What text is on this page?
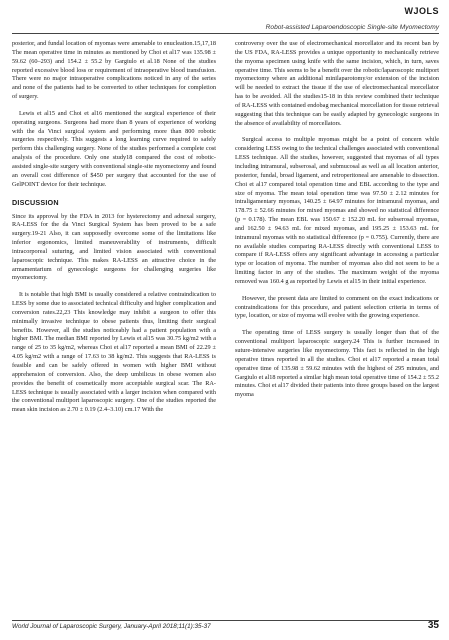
WJOLS
Robot-assisted Laparoendoscopic Single-site Myomectomy

posterior, and fundal location of myomas were amenable to enucleation.15,17,18 The mean operative time in minutes as mentioned by Choi et al17 was 135.98 ± 59.62 (60–293) and 154.2 ± 55.2 by Gargiulo et al.18 None of the studies reported excessive blood loss or requirement of intraoperative blood transfusion. There were no major intraoperative complications noticed in any of the series and none of the patients had to be converted to other techniques for completion of surgery.

Lewis et al15 and Choi et al16 mentioned the surgical experience of their operating surgeons. Surgeons had more than 8 years of experience of working with the da Vinci surgical system and performing more than 800 robotic surgeries respectively. This suggests a long learning curve required to safely perform this challenging surgery. None of the studies performed a complete cost analysis of the procedure. Only one study18 compared the cost of robotic-assisted single-site surgery with conventional single-site myomectomy and found an overall cost difference of $450 per surgery that accounted for the use of GelPOINT device for their technique.

DISCUSSION

Since its approval by the FDA in 2013 for hysterectomy and adnexal surgery, RA-LESS for the da Vinci Surgical System has been proved to be a safe surgery.19-21 Also, it can supposedly overcome some of the limitations like inferior ergonomics, limited maneuverability of instruments, difficult intracorporeal suturing, and limited vision associated with conventional laparoscopic technique. This makes RA-LESS an attractive choice in the armamentarium of gynecologic surgeons for challenging surgeries like myomectomy.

It is notable that high BMI is usually considered a relative contraindication to LESS by some due to associated technical difficulty and higher complication and conversion rates.22,23 This knowledge may inhibit a surgeon to offer this minimally invasive technique to obese patients thus, limiting their surgical benefits. However, all the studies noticeably had a patient population with a higher BMI. The median BMI reported by Lewis et al15 was 30.75 kg/m2 with a range of 25 to 35 kg/m2, whereas Choi et al17 reported a mean BMI of 22.29 ± 4.05 kg/m2 with a range of 17.63 to 38 kg/m2. This suggests that RA-LESS is feasible and can be safely offered in women with higher BMI without apprehension of conversion. Also, the deep umbilicus in obese women also provides the benefit of cosmetically more acceptable surgical scar. The RA-LESS technique is usually associated with a larger incision when compared with the conventional multiport laparoscopic surgery. One of the studies reported the mean skin incision as 2.70 ± 0.19 (2.4–3.10) cm.17 With the

controversy over the use of electromechanical morcellator and its recent ban by the US FDA, RA-LESS provides a unique opportunity to mechanically retrieve the myoma specimen using knife with the same incision, which, in turn, saves operative time. This seems to be a benefit over the robotic/laparoscopic multiport myomectomy where an additional minilaparotomy/or extension of the incision will be needed to extract the tissue if the use of electromechanical morcellator has to be avoided. All the studies15-18 in this review combined their technique of RA-LESS with contained endobag mechanical morcellation for tissue retrieval suggesting that this technique can be easily adapted by gynecologic surgeons in the absence of availability of morcellators.

Surgical access to multiple myomas might be a point of concern while considering LESS owing to the technical challenges associated with conventional LESS technique. All the studies, however, suggested that myomas of all types including intramural, subserosal, and submucosal as well as all location anterior, posterior, fundal, broad ligament, and retroperitoneal are amenable to dissection. Choi et al17 compared total operation time and EBL according to the type and size of myoma. The mean total operation time was 97.50 ± 2.12 minutes for intraligamentary myomas, 140.25 ± 64.97 minutes for intramural myomas, and 178.75 ± 52.66 minutes for mixed myomas and showed no statistical difference (p = 0.178). The mean EBL was 150.67 ± 152.20 mL for subserosal myomas, and 162.50 ± 94.63 mL for mixed myomas, and 195.25 ± 153.63 mL for intramural myomas with no statistical difference (p = 0.755). Currently, there are no available studies comparing RA-LESS directly with conventional LESS to compare if RA-LESS offers any significant advantage in accessing a particular type or location of myoma. The number of myomas also did not seem to be a limiting factor in any of the studies. The maximum weight of the myoma removed was 160.4 g as reported by Lewis et al15 in their initial experience.

However, the present data are limited to comment on the exact indications or contraindications for this procedure, and patient selection criteria in terms of type, location, or size of myoma will evolve with the growing experience.

The operating time of LESS surgery is usually longer than that of the conventional multiport laparoscopic surgery.24 This is further increased in suture-intensive surgeries like myomectomy. This fact is reflected in the high operative times reported in all the studies. Choi et al17 reported a mean total operative time of 135.98 ± 59.62 minutes with the highest of 295 minutes, and Gargiulo et al18 reported a similar high mean total operative time of 154.2 ± 55.2 minutes. Choi et al17 divided their patients into three groups based on the largest myoma

World Journal of Laparoscopic Surgery, January-April 2018;11(1):35-37	35
